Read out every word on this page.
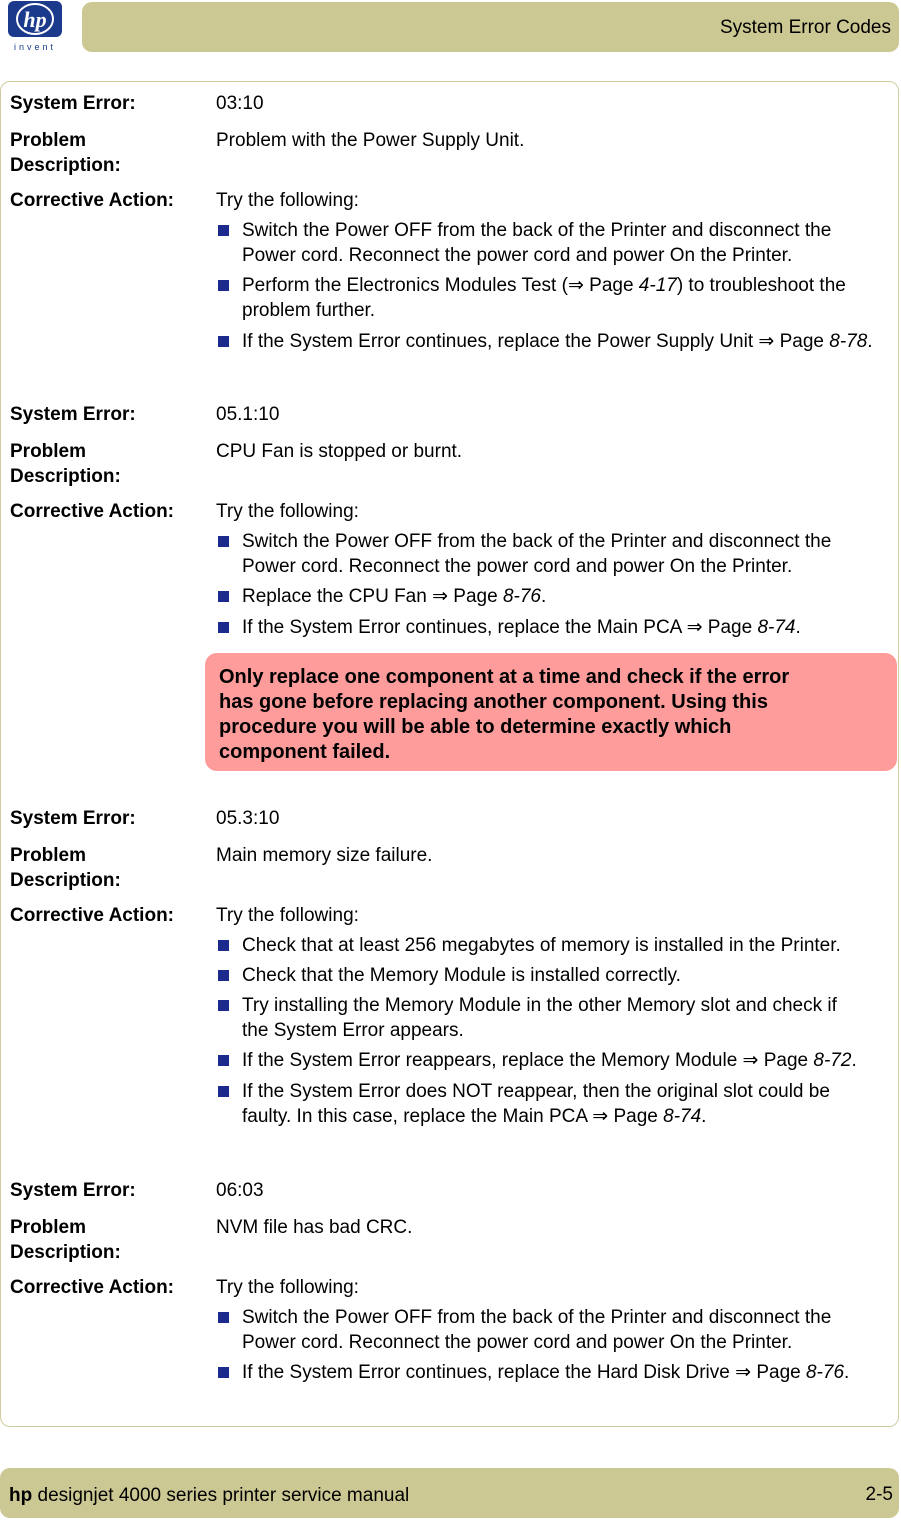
hp
invent
System Error Codes
System Error:	03:10
Problem
Description:
Problem with the Power Supply Unit.
Corrective Action: Try the following:
Switch the Power OFF from the back of the Printer and disconnect the
Power cord. Reconnect the power cord and power On the Printer.
Perform the Electronics Modules Test (⇒ Page 4-17) to troubleshoot the
problem further.
If the System Error continues, replace the Power Supply Unit ⇒ Page 8-78.
System Error:	05.1:10
Problem
Description:
CPU Fan is stopped or burnt.
Corrective Action: Try the following:
Switch the Power OFF from the back of the Printer and disconnect the
Power cord. Reconnect the power cord and power On the Printer.
Replace the CPU Fan ⇒ Page 8-76.
If the System Error continues, replace the Main PCA ⇒ Page 8-74.
Only replace one component at a time and check if the error
has gone before replacing another component. Using this
procedure you will be able to determine exactly which
component failed.
System Error:	05.3:10
Problem
Description:
Main memory size failure.
Corrective Action: Try the following:
Check that at least 256 megabytes of memory is installed in the Printer.
Check that the Memory Module is installed correctly.
Try installing the Memory Module in the other Memory slot and check if
the System Error appears.
If the System Error reappears, replace the Memory Module ⇒ Page 8-72.
If the System Error does NOT reappear, then the original slot could be
faulty. In this case, replace the Main PCA ⇒ Page 8-74.
System Error:	06:03
Problem
Description:
NVM file has bad CRC.
Corrective Action: Try the following:
Switch the Power OFF from the back of the Printer and disconnect the
Power cord. Reconnect the power cord and power On the Printer.
If the System Error continues, replace the Hard Disk Drive ⇒ Page 8-76.
hp designjet 4000 series printer service manual	2-5
